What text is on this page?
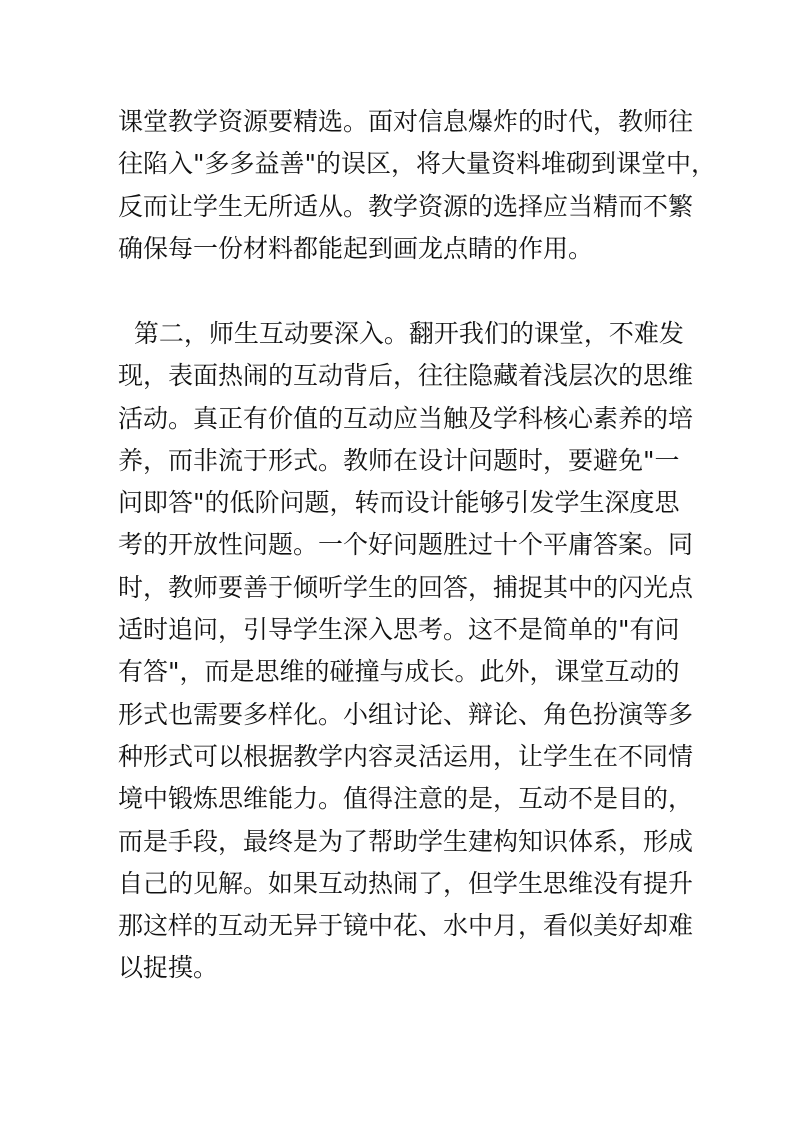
课堂教学资源要精选。面对信息爆炸的时代，教师往
往陷入"多多益善"的误区，将大量资料堆砌到课堂中，
反而让学生无所适从。教学资源的选择应当精而不繁
确保每一份材料都能起到画龙点睛的作用。
第二，师生互动要深入。翻开我们的课堂，不难发
现，表面热闹的互动背后，往往隐藏着浅层次的思维
活动。真正有价值的互动应当触及学科核心素养的培
养，而非流于形式。教师在设计问题时，要避免"一
问即答"的低阶问题，转而设计能够引发学生深度思
考的开放性问题。一个好问题胜过十个平庸答案。同
时，教师要善于倾听学生的回答，捕捉其中的闪光点
适时追问，引导学生深入思考。这不是简单的"有问
有答"，而是思维的碰撞与成长。此外，课堂互动的
形式也需要多样化。小组讨论、辩论、角色扮演等多
种形式可以根据教学内容灵活运用，让学生在不同情
境中锻炼思维能力。值得注意的是，互动不是目的，
而是手段，最终是为了帮助学生建构知识体系，形成
自己的见解。如果互动热闹了，但学生思维没有提升
那这样的互动无异于镜中花、水中月，看似美好却难
以捉摸。
